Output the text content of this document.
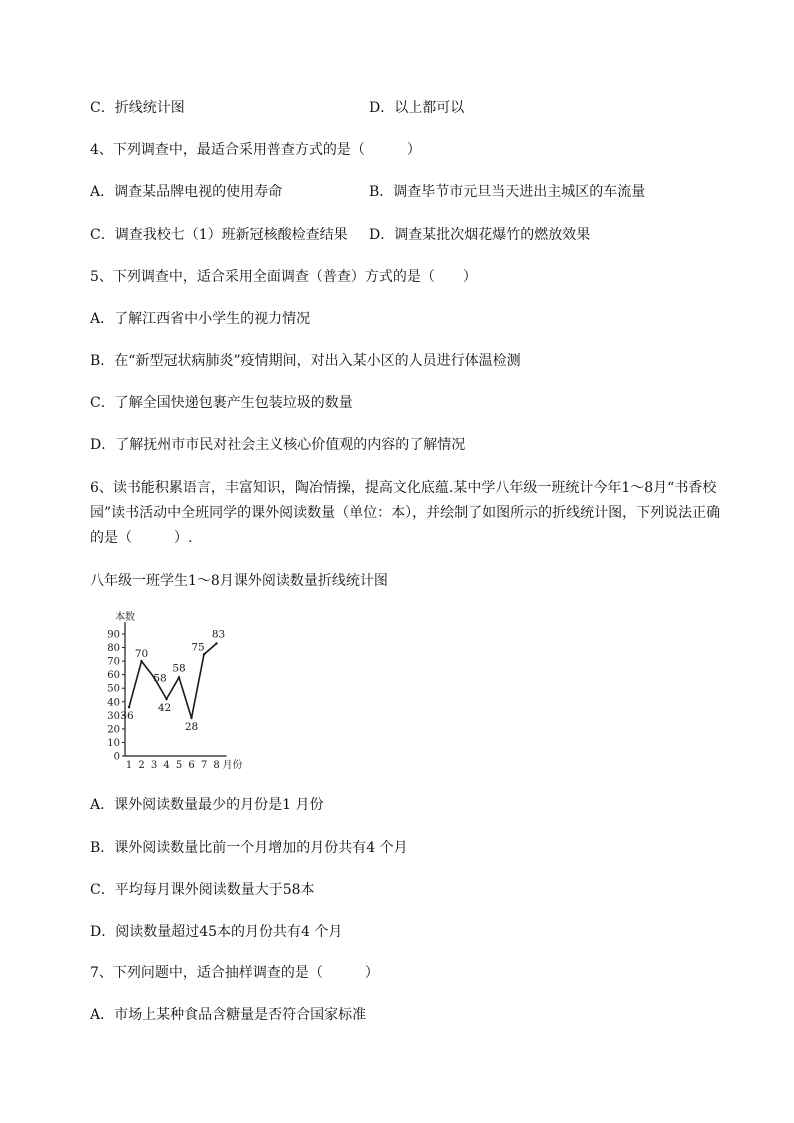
C．折线统计图	D．以上都可以
4、下列调查中，最适合采用普查方式的是（　　　）
A．调查某品牌电视的使用寿命	B．调查毕节市元旦当天进出主城区的车流量
C．调查我校七（1）班新冠核酸检查结果 D．调查某批次烟花爆竹的燃放效果
5、下列调查中，适合采用全面调查（普查）方式的是（　　）
A．了解江西省中小学生的视力情况
B．在“新型冠状病肺炎”疫情期间，对出入某小区的人员进行体温检测
C．了解全国快递包裹产生包装垃圾的数量
D．了解抚州市市民对社会主义核心价值观的内容的了解情况
6、读书能积累语言，丰富知识，陶冶情操，提高文化底蕴.某中学八年级一班统计今年1～8月“书香校园”读书活动中全班同学的课外阅读数量（单位：本），并绘制了如图所示的折线统计图，下列说法正确的是（　　　）.
八年级一班学生1～8月课外阅读数量折线统计图
本数
月份
0
10
20
30
40
50
60
70
80
90
1 2 3 4 5 6 7 8
36
70
58
42
58
28
75
83
A．课外阅读数量最少的月份是1 月份
B．课外阅读数量比前一个月增加的月份共有4 个月
C．平均每月课外阅读数量大于58本
D．阅读数量超过45本的月份共有4 个月
7、下列问题中，适合抽样调查的是（　　　）
A．市场上某种食品含糖量是否符合国家标准
